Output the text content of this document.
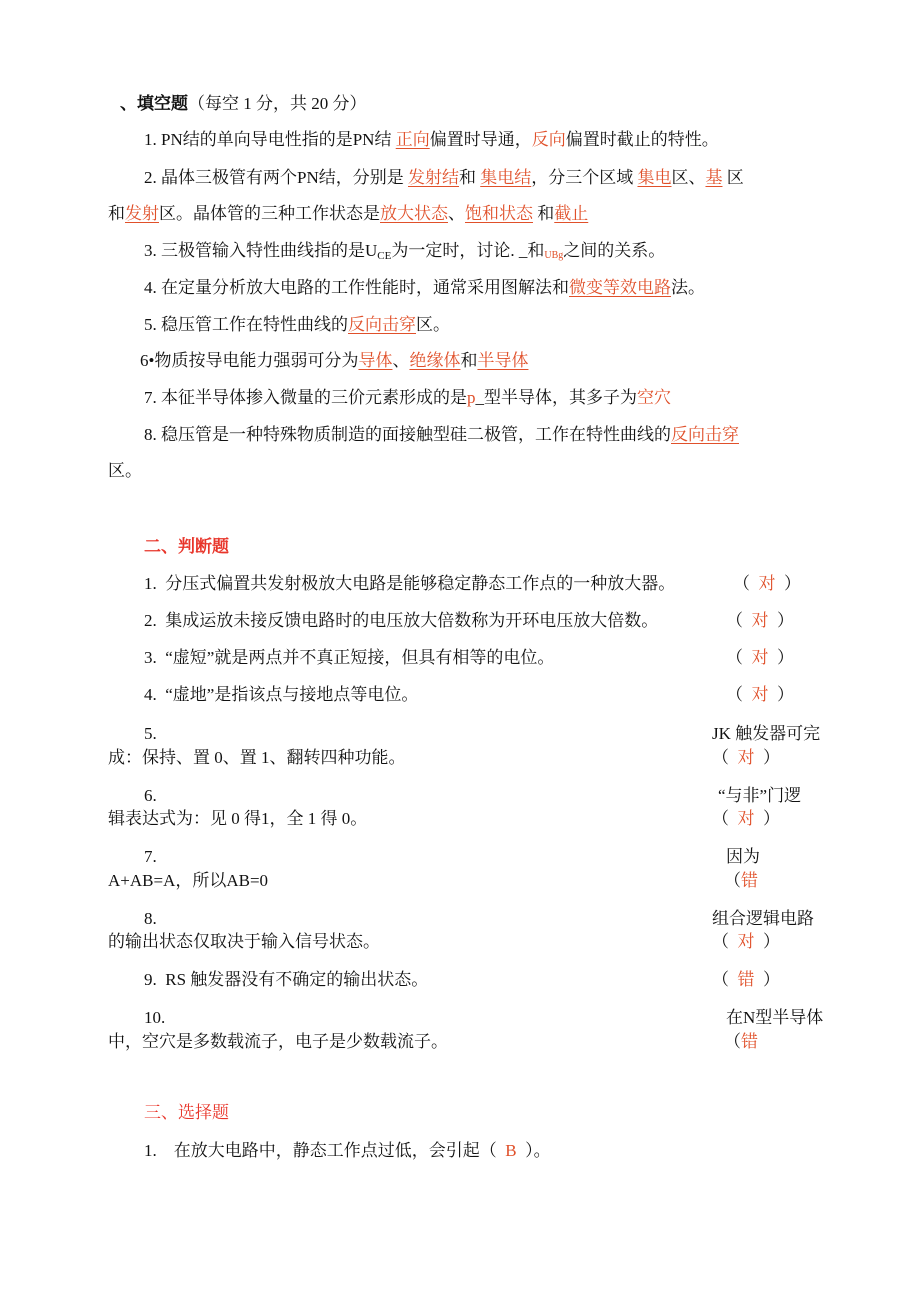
、填空题（每空 1 分，共 20 分）
1. PN结的单向导电性指的是PN结 正向偏置时导通，反向偏置时截止的特性。
2. 晶体三极管有两个PN结，分别是 发射结和 集电结，分三个区域 集电区、基 区
和发射区。晶体管的三种工作状态是放大状态、饱和状态 和截止
3. 三极管输入特性曲线指的是$U_{CE}$为一定时，讨论. _和UBg之间的关系。
4. 在定量分析放大电路的工作性能时，通常采用图解法和微变等效电路法。
5. 稳压管工作在特性曲线的反向击穿区。
6•物质按导电能力强弱可分为导体、绝缘体和半导体
7. 本征半导体掺入微量的三价元素形成的是p_型半导体，其多子为空穴
8. 稳压管是一种特殊物质制造的面接触型硅二极管，工作在特性曲线的反向击穿
区。
二、判断题
1. 分压式偏置共发射极放大电路是能够稳定静态工作点的一种放大器。	（  对  ）
2. 集成运放未接反馈电路时的电压放大倍数称为开环电压放大倍数。	（  对  ）
3. “虚短”就是两点并不真正短接，但具有相等的电位。	（  对  ）
4. “虚地”是指该点与接地点等电位。	（  对  ）
5.	JK 触发器可完
成：保持、置 0、置 1、翻转四种功能。	（  对  ）
6.	“与非”门逻
辑表达式为：见 0 得1，全 1 得 0。	（  对  ）
7.	因为
A+AB=A，所以AB=0	（错
8.	组合逻辑电路
的输出状态仅取决于输入信号状态。	（  对  ）
9. RS 触发器没有不确定的输出状态。	（  错  ）
10.	在N型半导体
中，空穴是多数载流子，电子是少数载流子。	（错
三、选择题
1.    在放大电路中，静态工作点过低，会引起（  B  ）。
